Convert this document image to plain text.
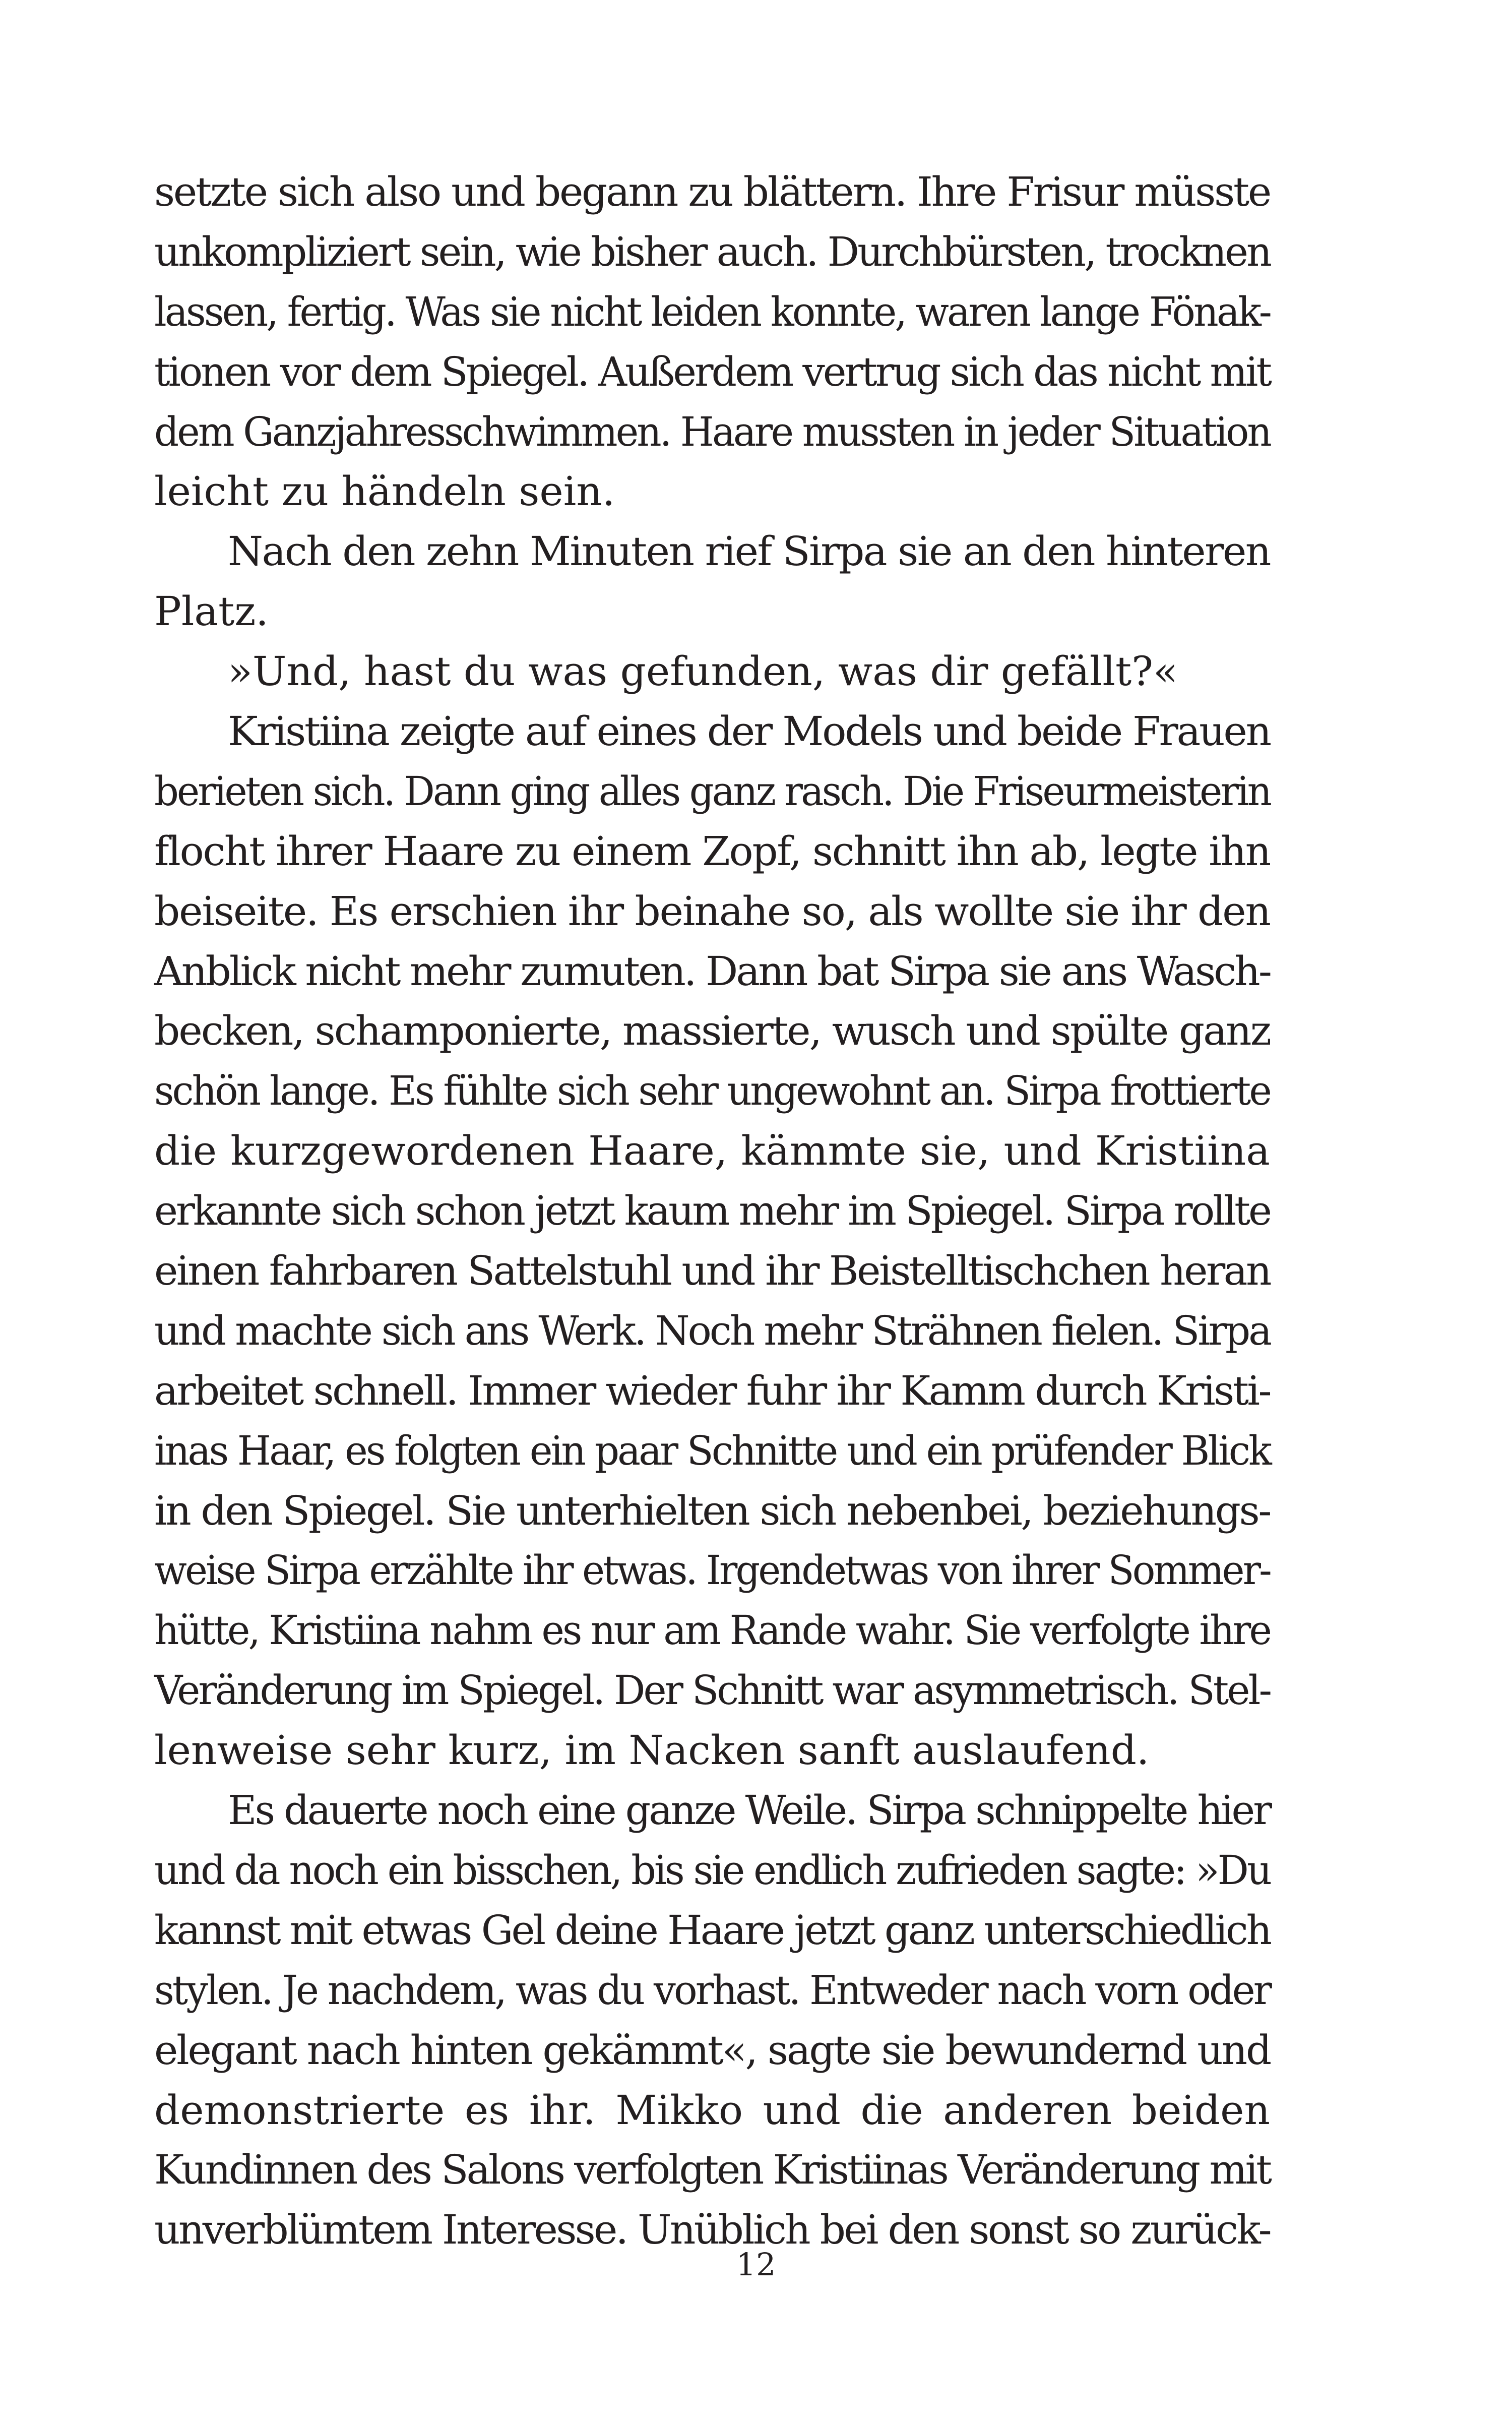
setzte sich also und begann zu blättern. Ihre Frisur müsste
unkompliziert sein, wie bisher auch. Durchbürsten, trocknen
lassen, fertig. Was sie nicht leiden konnte, waren lange Fönak-
tionen vor dem Spiegel. Außerdem vertrug sich das nicht mit
dem Ganzjahresschwimmen. Haare mussten in jeder Situation
leicht zu händeln sein.
Nach den zehn Minuten rief Sirpa sie an den hinteren
Platz.
»Und, hast du was gefunden, was dir gefällt?«
Kristiina zeigte auf eines der Models und beide Frauen
berieten sich. Dann ging alles ganz rasch. Die Friseurmeisterin
flocht ihrer Haare zu einem Zopf, schnitt ihn ab, legte ihn
beiseite. Es erschien ihr beinahe so, als wollte sie ihr den
Anblick nicht mehr zumuten. Dann bat Sirpa sie ans Wasch-
becken, schamponierte, massierte, wusch und spülte ganz
schön lange. Es fühlte sich sehr ungewohnt an. Sirpa frottierte
die kurzgewordenen Haare, kämmte sie, und Kristiina
erkannte sich schon jetzt kaum mehr im Spiegel. Sirpa rollte
einen fahrbaren Sattelstuhl und ihr Beistelltischchen heran
und machte sich ans Werk. Noch mehr Strähnen fielen. Sirpa
arbeitet schnell. Immer wieder fuhr ihr Kamm durch Kristi-
inas Haar, es folgten ein paar Schnitte und ein prüfender Blick
in den Spiegel. Sie unterhielten sich nebenbei, beziehungs-
weise Sirpa erzählte ihr etwas. Irgendetwas von ihrer Sommer-
hütte, Kristiina nahm es nur am Rande wahr. Sie verfolgte ihre
Veränderung im Spiegel. Der Schnitt war asymmetrisch. Stel-
lenweise sehr kurz, im Nacken sanft auslaufend.
Es dauerte noch eine ganze Weile. Sirpa schnippelte hier
und da noch ein bisschen, bis sie endlich zufrieden sagte: »Du
kannst mit etwas Gel deine Haare jetzt ganz unterschiedlich
stylen. Je nachdem, was du vorhast. Entweder nach vorn oder
elegant nach hinten gekämmt«, sagte sie bewundernd und
demonstrierte es ihr. Mikko und die anderen beiden
Kundinnen des Salons verfolgten Kristiinas Veränderung mit
unverblümtem Interesse. Unüblich bei den sonst so zurück-
12
